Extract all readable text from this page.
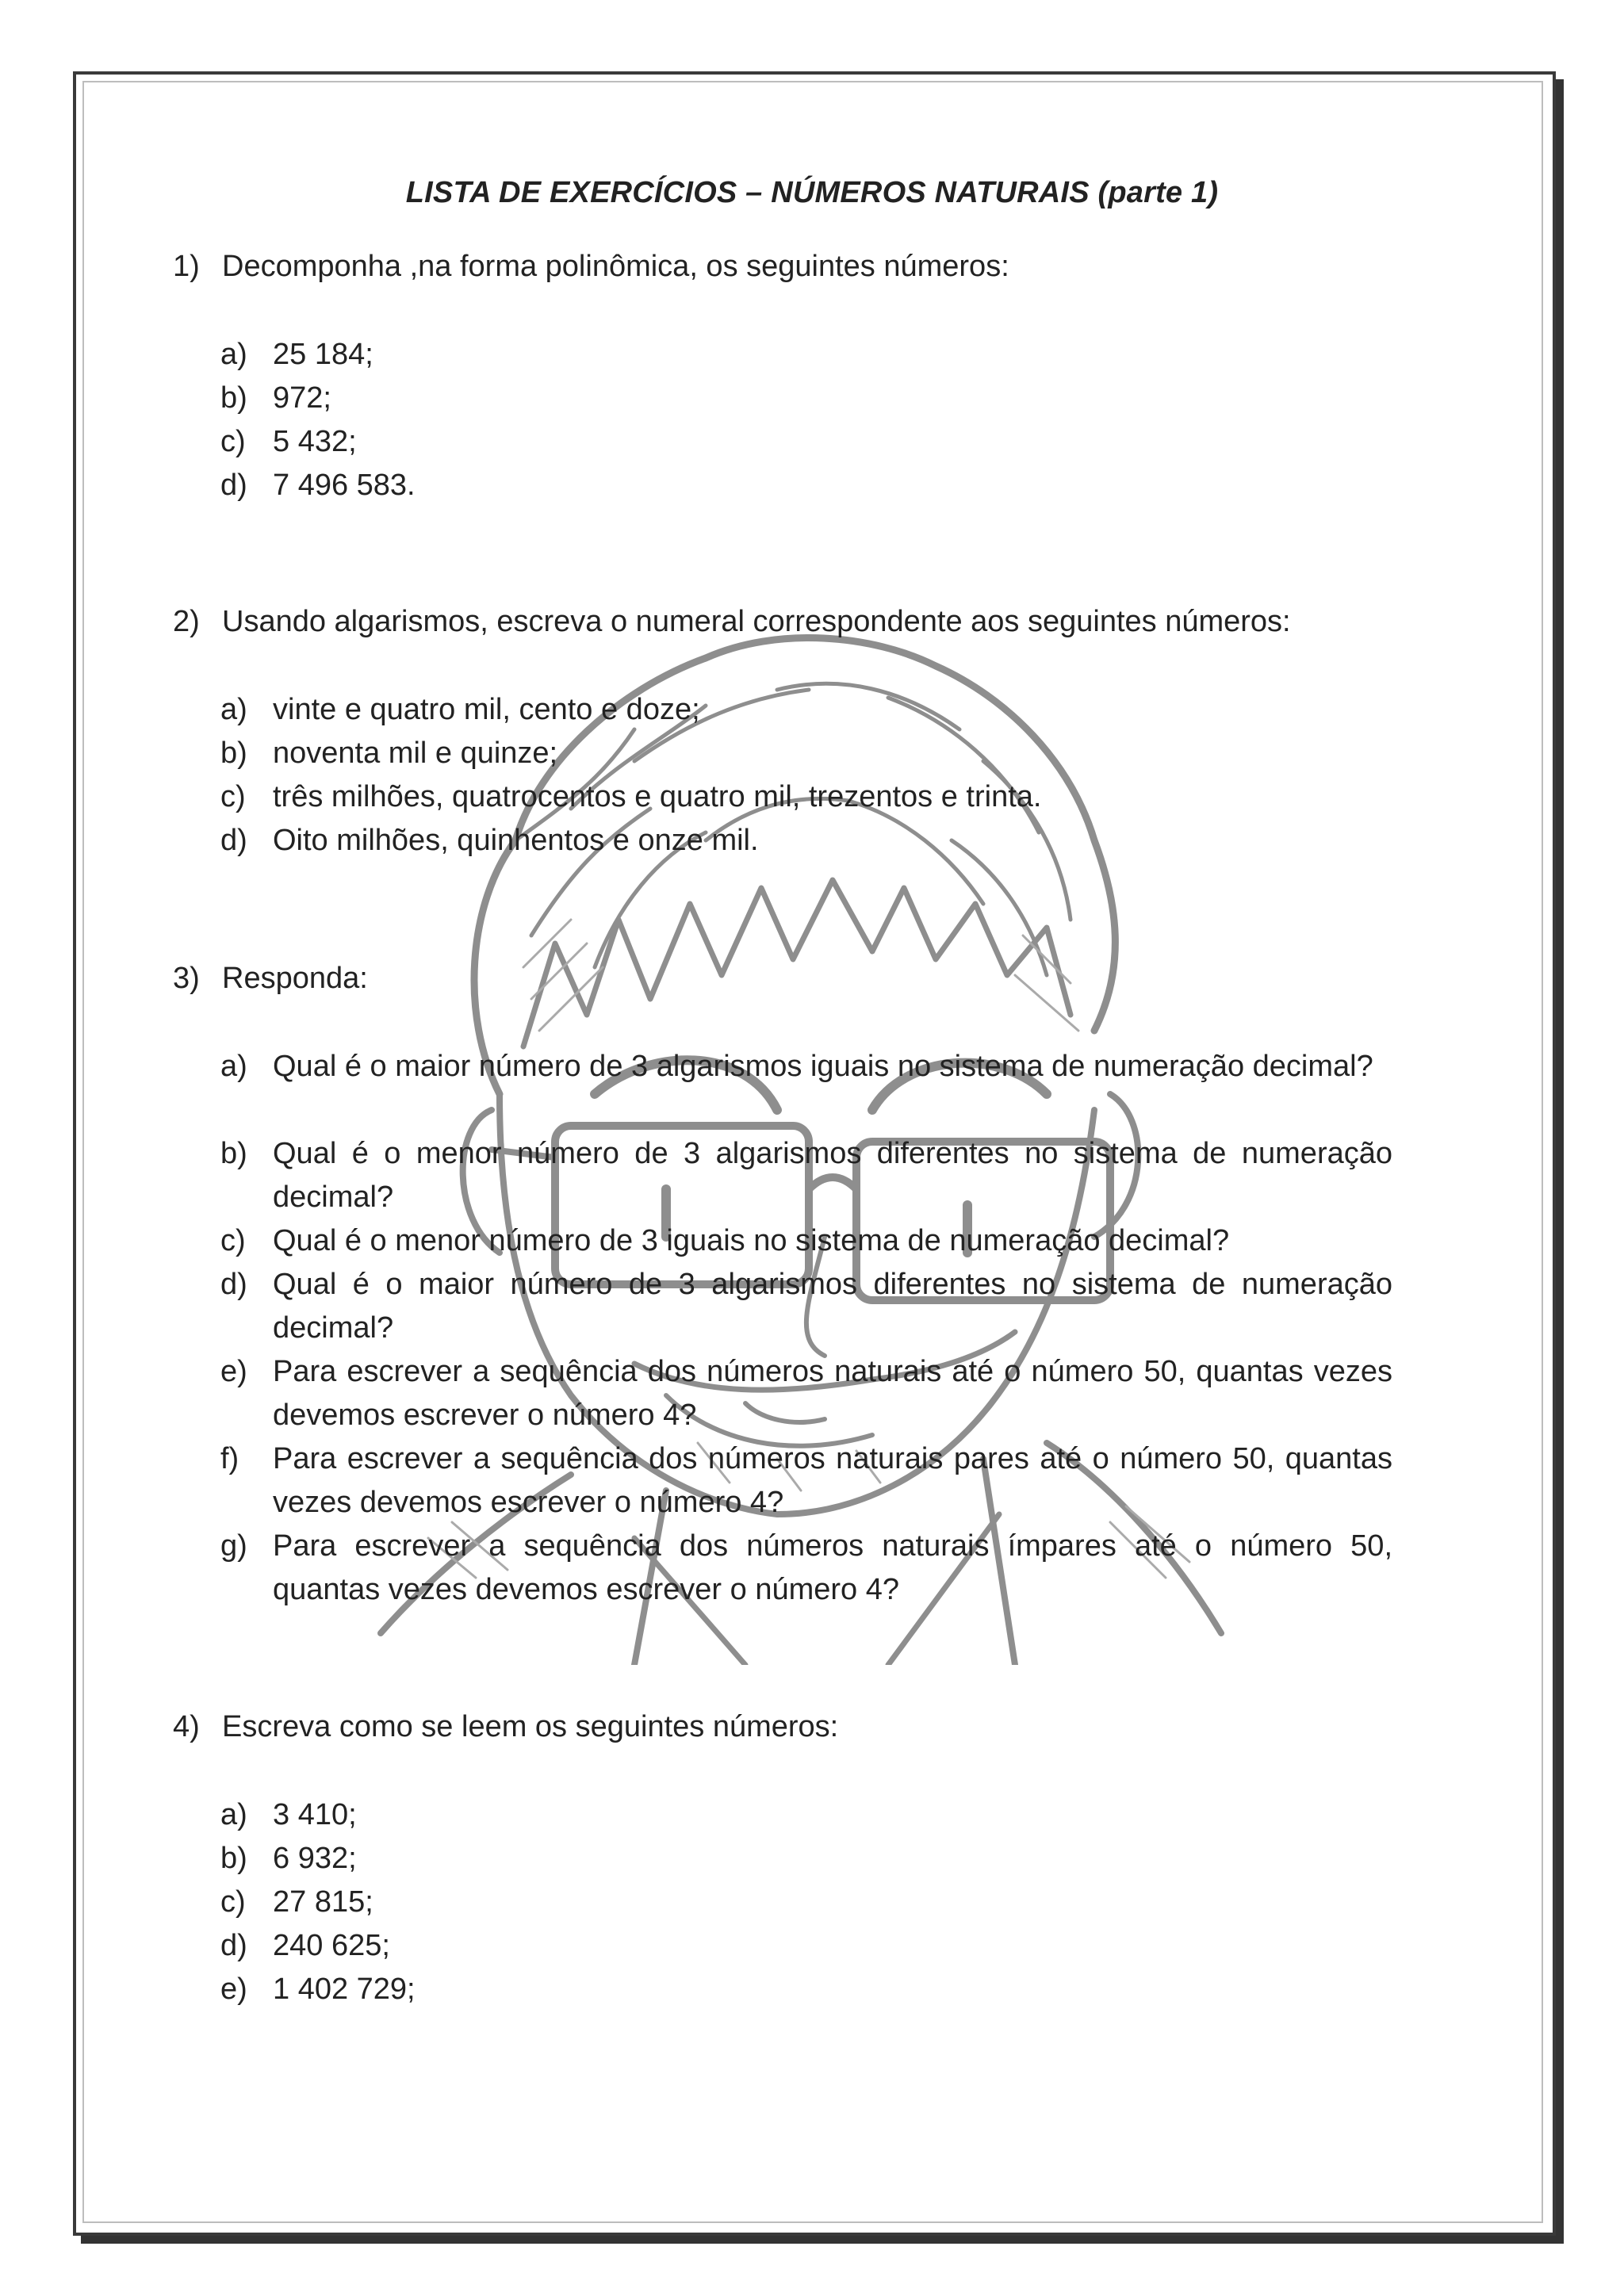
LISTA DE EXERCÍCIOS – NÚMEROS NATURAIS (parte 1)
1) Decomponha ,na forma polinômica, os seguintes números:
a) 25 184;
b) 972;
c) 5 432;
d) 7 496 583.
2) Usando algarismos, escreva o numeral correspondente aos seguintes números:
a) vinte e quatro mil, cento e doze;
b) noventa mil e quinze;
c) três milhões, quatrocentos e quatro mil, trezentos e trinta.
d) Oito milhões, quinhentos e onze mil.
3) Responda:
a) Qual é o maior número de 3 algarismos iguais no sistema de numeração decimal?
b) Qual é o menor número de 3 algarismos diferentes no sistema de numeração decimal?
c) Qual é o menor número de 3 iguais no sistema de numeração decimal?
d) Qual é o maior número de 3 algarismos diferentes no sistema de numeração decimal?
e) Para escrever a sequência dos números naturais até o número 50, quantas vezes devemos escrever o número 4?
f)	Para escrever a sequência dos números naturais pares até o número 50, quantas vezes devemos escrever o número 4?
g) Para escrever a sequência dos números naturais ímpares até o número 50, quantas vezes devemos escrever o número 4?
4) Escreva como se leem os seguintes números:
a) 3 410;
b) 6 932;
c) 27 815;
d) 240 625;
e) 1 402 729;
